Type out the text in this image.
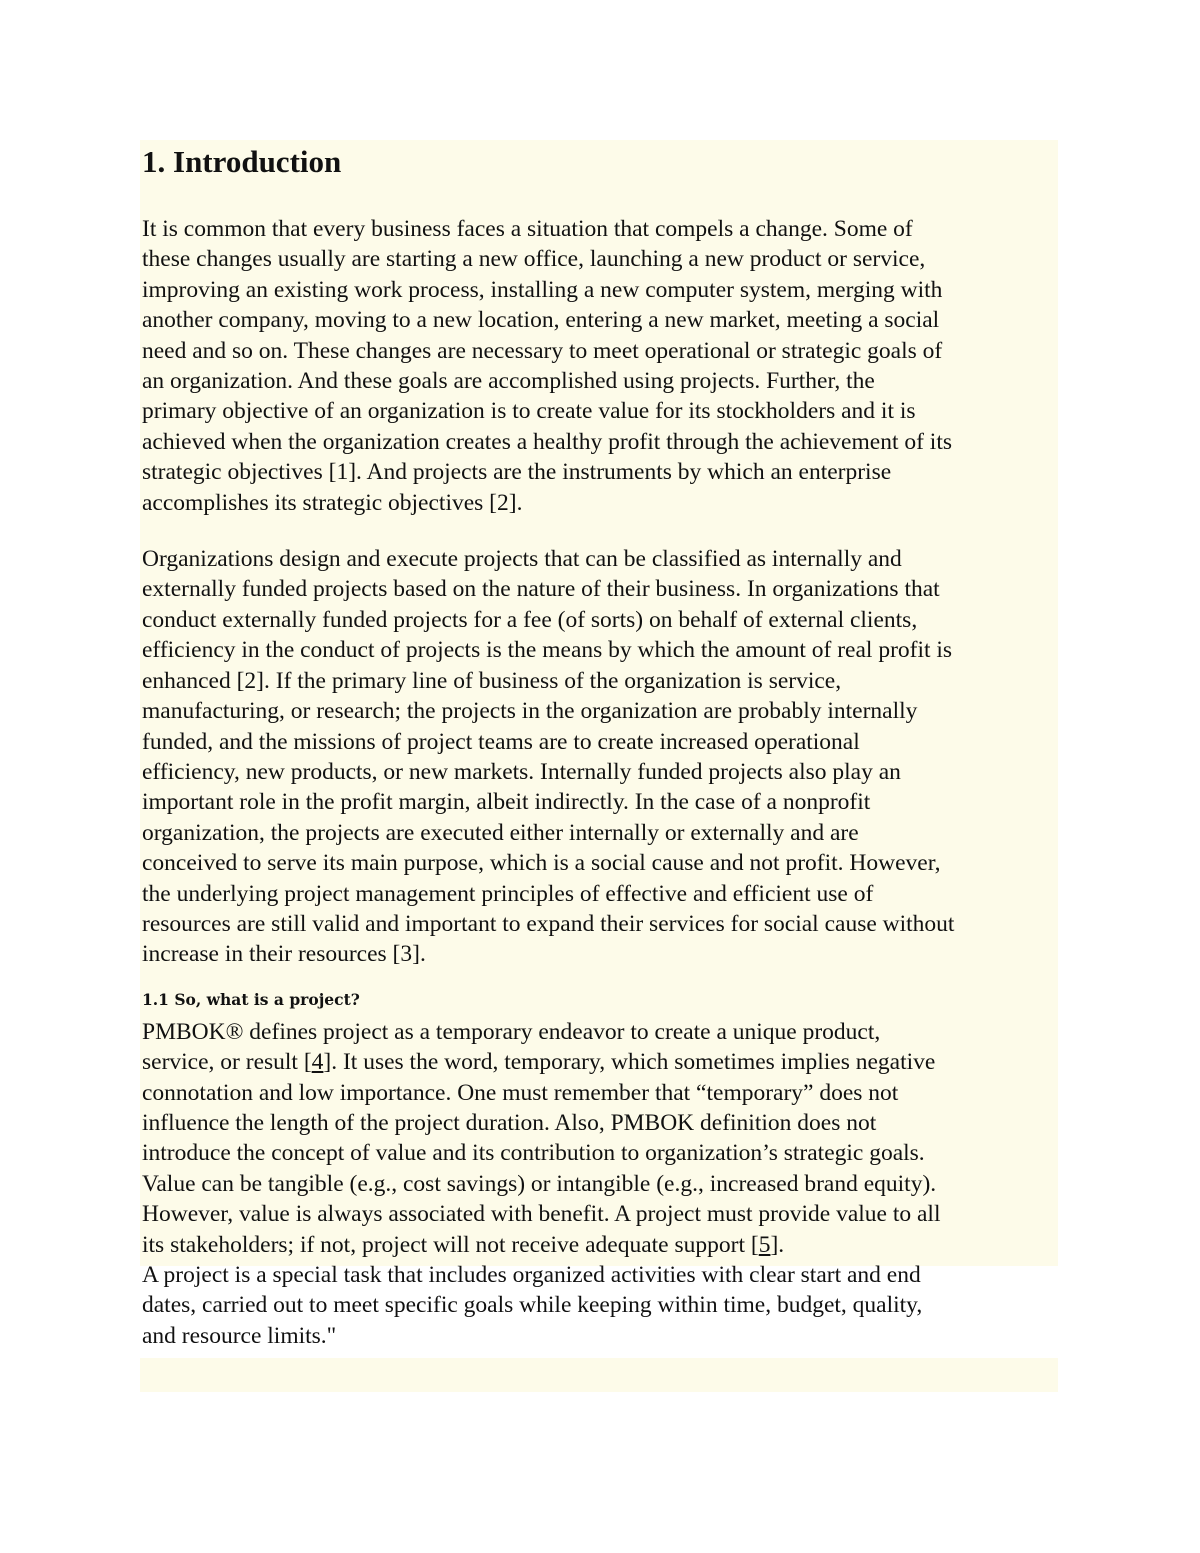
1. Introduction
It is common that every business faces a situation that compels a change. Some of
these changes usually are starting a new office, launching a new product or service,
improving an existing work process, installing a new computer system, merging with
another company, moving to a new location, entering a new market, meeting a social
need and so on. These changes are necessary to meet operational or strategic goals of
an organization. And these goals are accomplished using projects. Further, the
primary objective of an organization is to create value for its stockholders and it is
achieved when the organization creates a healthy profit through the achievement of its
strategic objectives [1]. And projects are the instruments by which an enterprise
accomplishes its strategic objectives [2].
Organizations design and execute projects that can be classified as internally and
externally funded projects based on the nature of their business. In organizations that
conduct externally funded projects for a fee (of sorts) on behalf of external clients,
efficiency in the conduct of projects is the means by which the amount of real profit is
enhanced [2]. If the primary line of business of the organization is service,
manufacturing, or research; the projects in the organization are probably internally
funded, and the missions of project teams are to create increased operational
efficiency, new products, or new markets. Internally funded projects also play an
important role in the profit margin, albeit indirectly. In the case of a nonprofit
organization, the projects are executed either internally or externally and are
conceived to serve its main purpose, which is a social cause and not profit. However,
the underlying project management principles of effective and efficient use of
resources are still valid and important to expand their services for social cause without
increase in their resources [3].
1.1 So, what is a project?
PMBOK® defines project as a temporary endeavor to create a unique product,
service, or result [4]. It uses the word, temporary, which sometimes implies negative
connotation and low importance. One must remember that “temporary” does not
influence the length of the project duration. Also, PMBOK definition does not
introduce the concept of value and its contribution to organization’s strategic goals.
Value can be tangible (e.g., cost savings) or intangible (e.g., increased brand equity).
However, value is always associated with benefit. A project must provide value to all
its stakeholders; if not, project will not receive adequate support [5].
A project is a special task that includes organized activities with clear start and end
dates, carried out to meet specific goals while keeping within time, budget, quality,
and resource limits."
